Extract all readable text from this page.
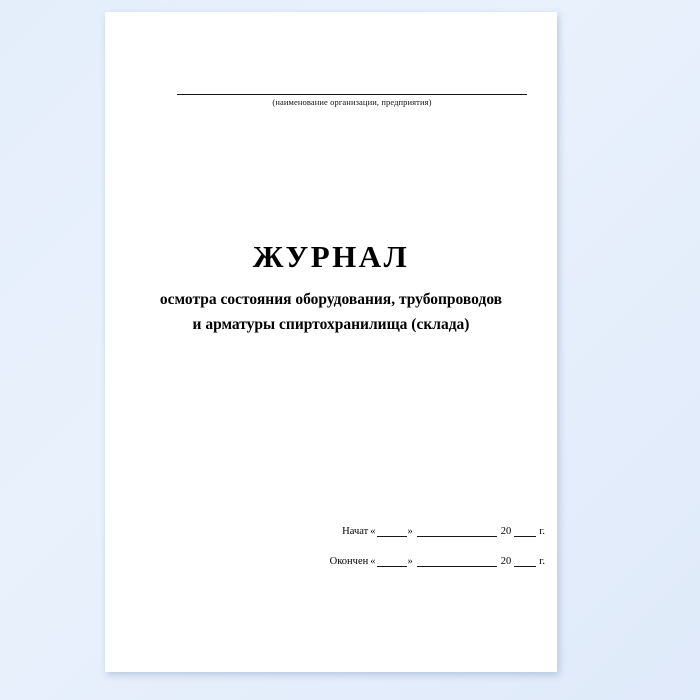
(наименование организации, предприятия)
ЖУРНАЛ
осмотра состояния оборудования, трубопроводов
и арматуры спиртохранилища (склада)
Начат «	»	20	г.
Окончен «	»	20	г.
